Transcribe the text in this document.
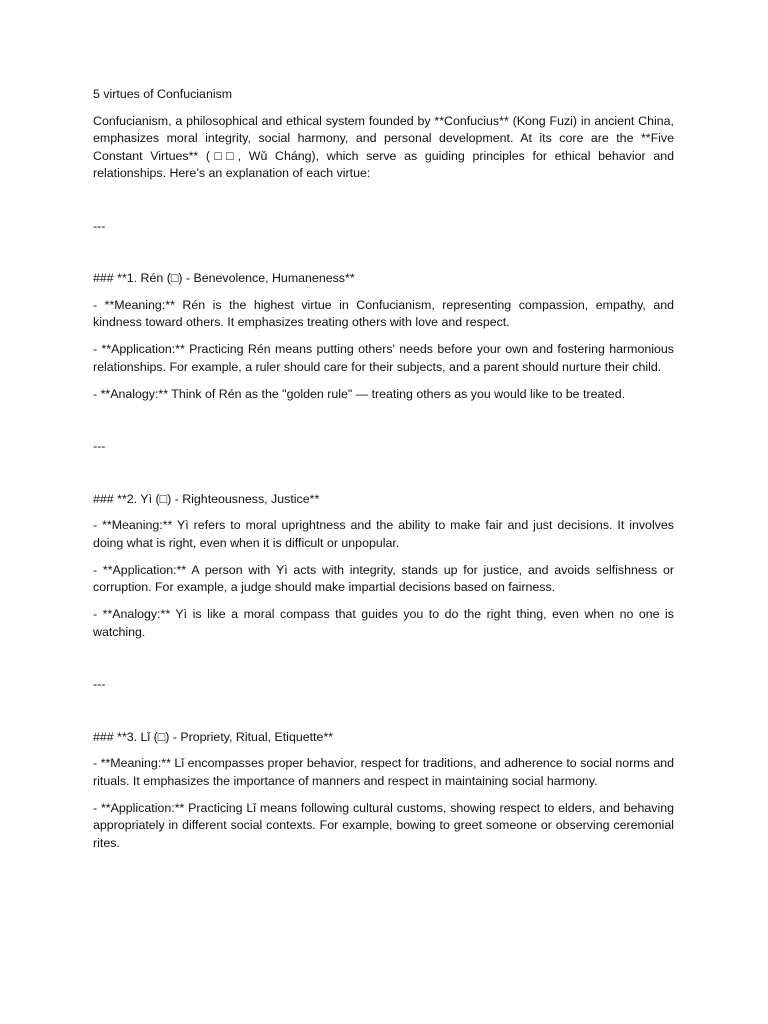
5 virtues of Confucianism

Confucianism, a philosophical and ethical system founded by **Confucius** (Kong Fuzi) in ancient China, emphasizes moral integrity, social harmony, and personal development. At its core are the **Five Constant Virtues** (□□, Wǔ Cháng), which serve as guiding principles for ethical behavior and relationships. Here’s an explanation of each virtue:

---
### **1. Rén (□) - Benevolence, Humaneness**

- **Meaning:** Rén is the highest virtue in Confucianism, representing compassion, empathy, and kindness toward others. It emphasizes treating others with love and respect.

- **Application:** Practicing Rén means putting others' needs before your own and fostering harmonious relationships. For example, a ruler should care for their subjects, and a parent should nurture their child.

- **Analogy:** Think of Rén as the "golden rule" — treating others as you would like to be treated.

---
### **2. Yì (□) - Righteousness, Justice**

- **Meaning:** Yì refers to moral uprightness and the ability to make fair and just decisions. It involves doing what is right, even when it is difficult or unpopular.

- **Application:** A person with Yì acts with integrity, stands up for justice, and avoids selfishness or corruption. For example, a judge should make impartial decisions based on fairness.

- **Analogy:** Yì is like a moral compass that guides you to do the right thing, even when no one is watching.

---
### **3. Lǐ (□) - Propriety, Ritual, Etiquette**

- **Meaning:** Lǐ encompasses proper behavior, respect for traditions, and adherence to social norms and rituals. It emphasizes the importance of manners and respect in maintaining social harmony.

- **Application:** Practicing Lǐ means following cultural customs, showing respect to elders, and behaving appropriately in different social contexts. For example, bowing to greet someone or observing ceremonial rites.
